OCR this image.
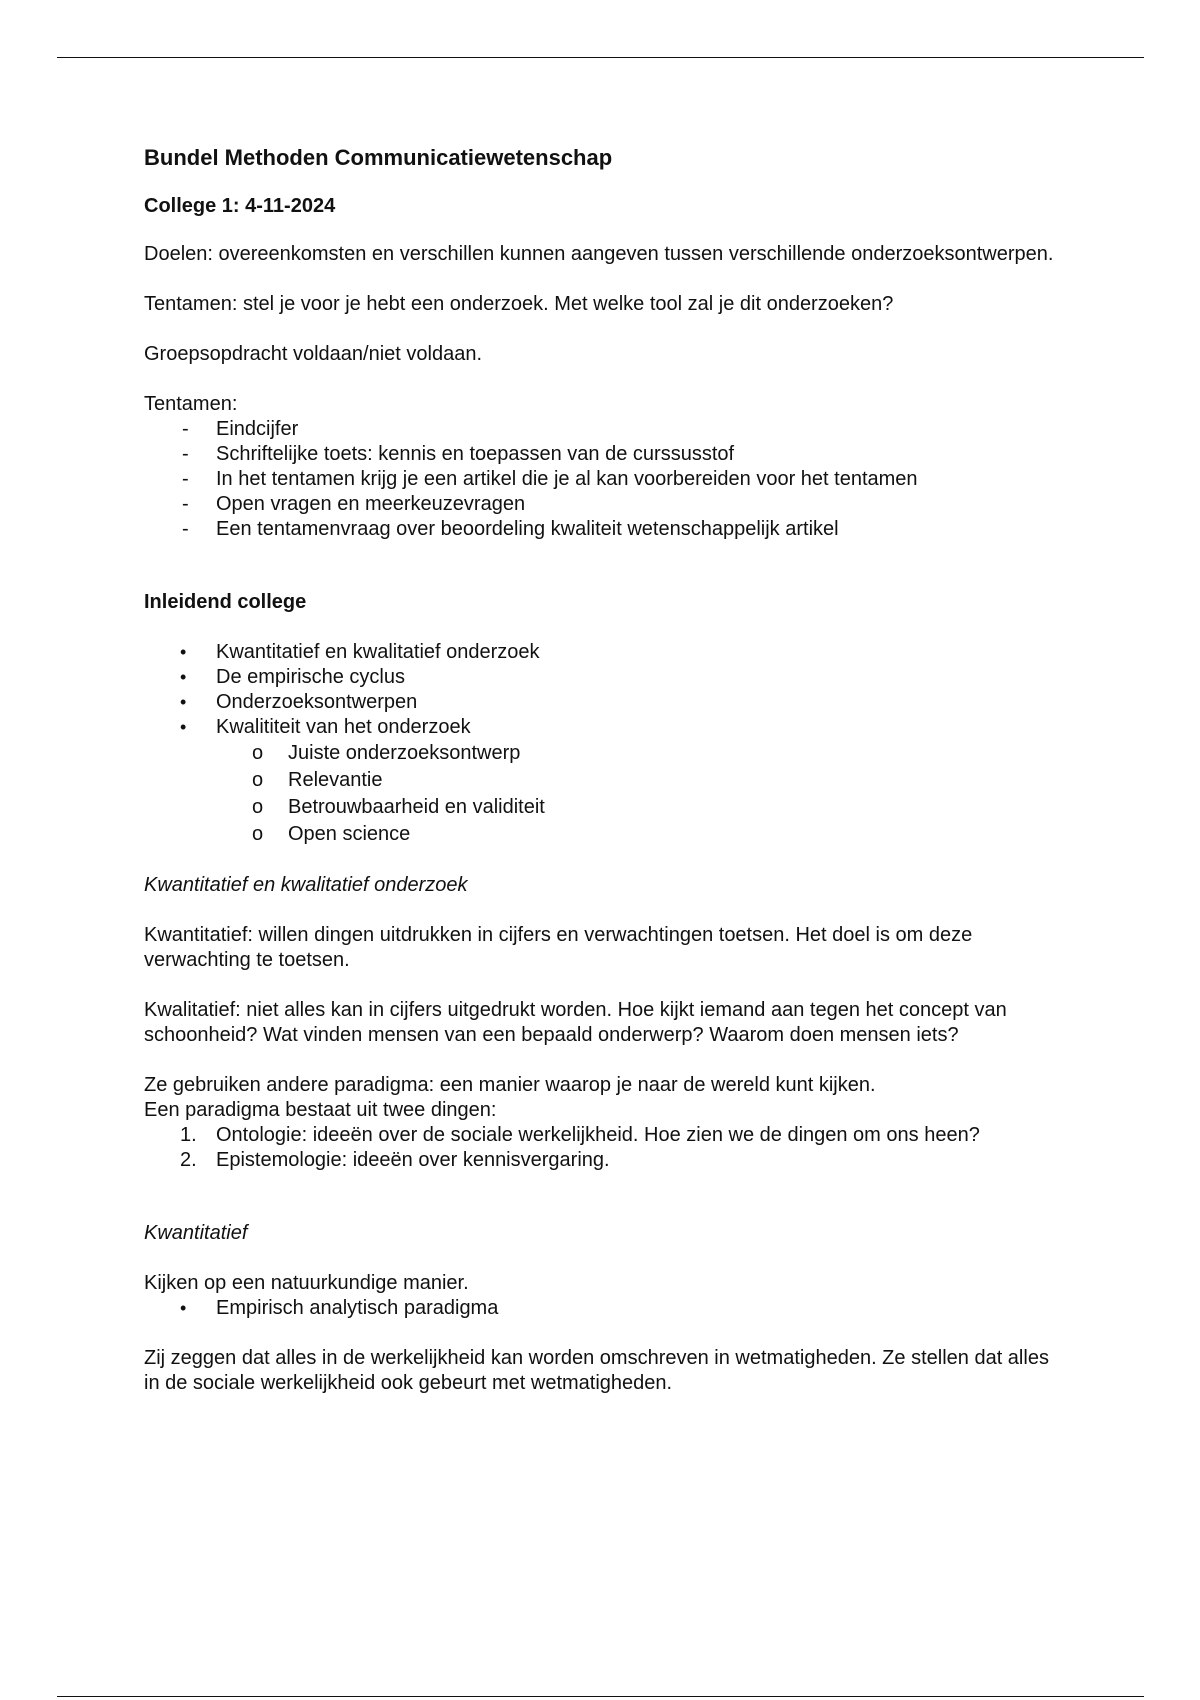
Bundel Methoden Communicatiewetenschap
College 1: 4-11-2024

Doelen: overeenkomsten en verschillen kunnen aangeven tussen verschillende onderzoeksontwerpen.

Tentamen: stel je voor je hebt een onderzoek. Met welke tool zal je dit onderzoeken?

Groepsopdracht voldaan/niet voldaan.

Tentamen:
-	Eindcijfer
-	Schriftelijke toets: kennis en toepassen van de curssusstof
-	In het tentamen krijg je een artikel die je al kan voorbereiden voor het tentamen
-	Open vragen en meerkeuzevragen
-	Een tentamenvraag over beoordeling kwaliteit wetenschappelijk artikel
Inleidend college
•	Kwantitatief en kwalitatief onderzoek
•	De empirische cyclus
•	Onderzoeksontwerpen
•	Kwalititeit van het onderzoek
o	Juiste onderzoeksontwerp
o	Relevantie
o	Betrouwbaarheid en validiteit
o	Open science

Kwantitatief en kwalitatief onderzoek

Kwantitatief: willen dingen uitdrukken in cijfers en verwachtingen toetsen. Het doel is om deze verwachting te toetsen.

Kwalitatief: niet alles kan in cijfers uitgedrukt worden. Hoe kijkt iemand aan tegen het concept van schoonheid? Wat vinden mensen van een bepaald onderwerp? Waarom doen mensen iets?

Ze gebruiken andere paradigma: een manier waarop je naar de wereld kunt kijken.
Een paradigma bestaat uit twee dingen:
1. Ontologie: ideeën over de sociale werkelijkheid. Hoe zien we de dingen om ons heen?
2. Epistemologie: ideeën over kennisvergaring.

Kwantitatief

Kijken op een natuurkundige manier.
•	Empirisch analytisch paradigma

Zij zeggen dat alles in de werkelijkheid kan worden omschreven in wetmatigheden. Ze stellen dat alles in de sociale werkelijkheid ook gebeurt met wetmatigheden.
